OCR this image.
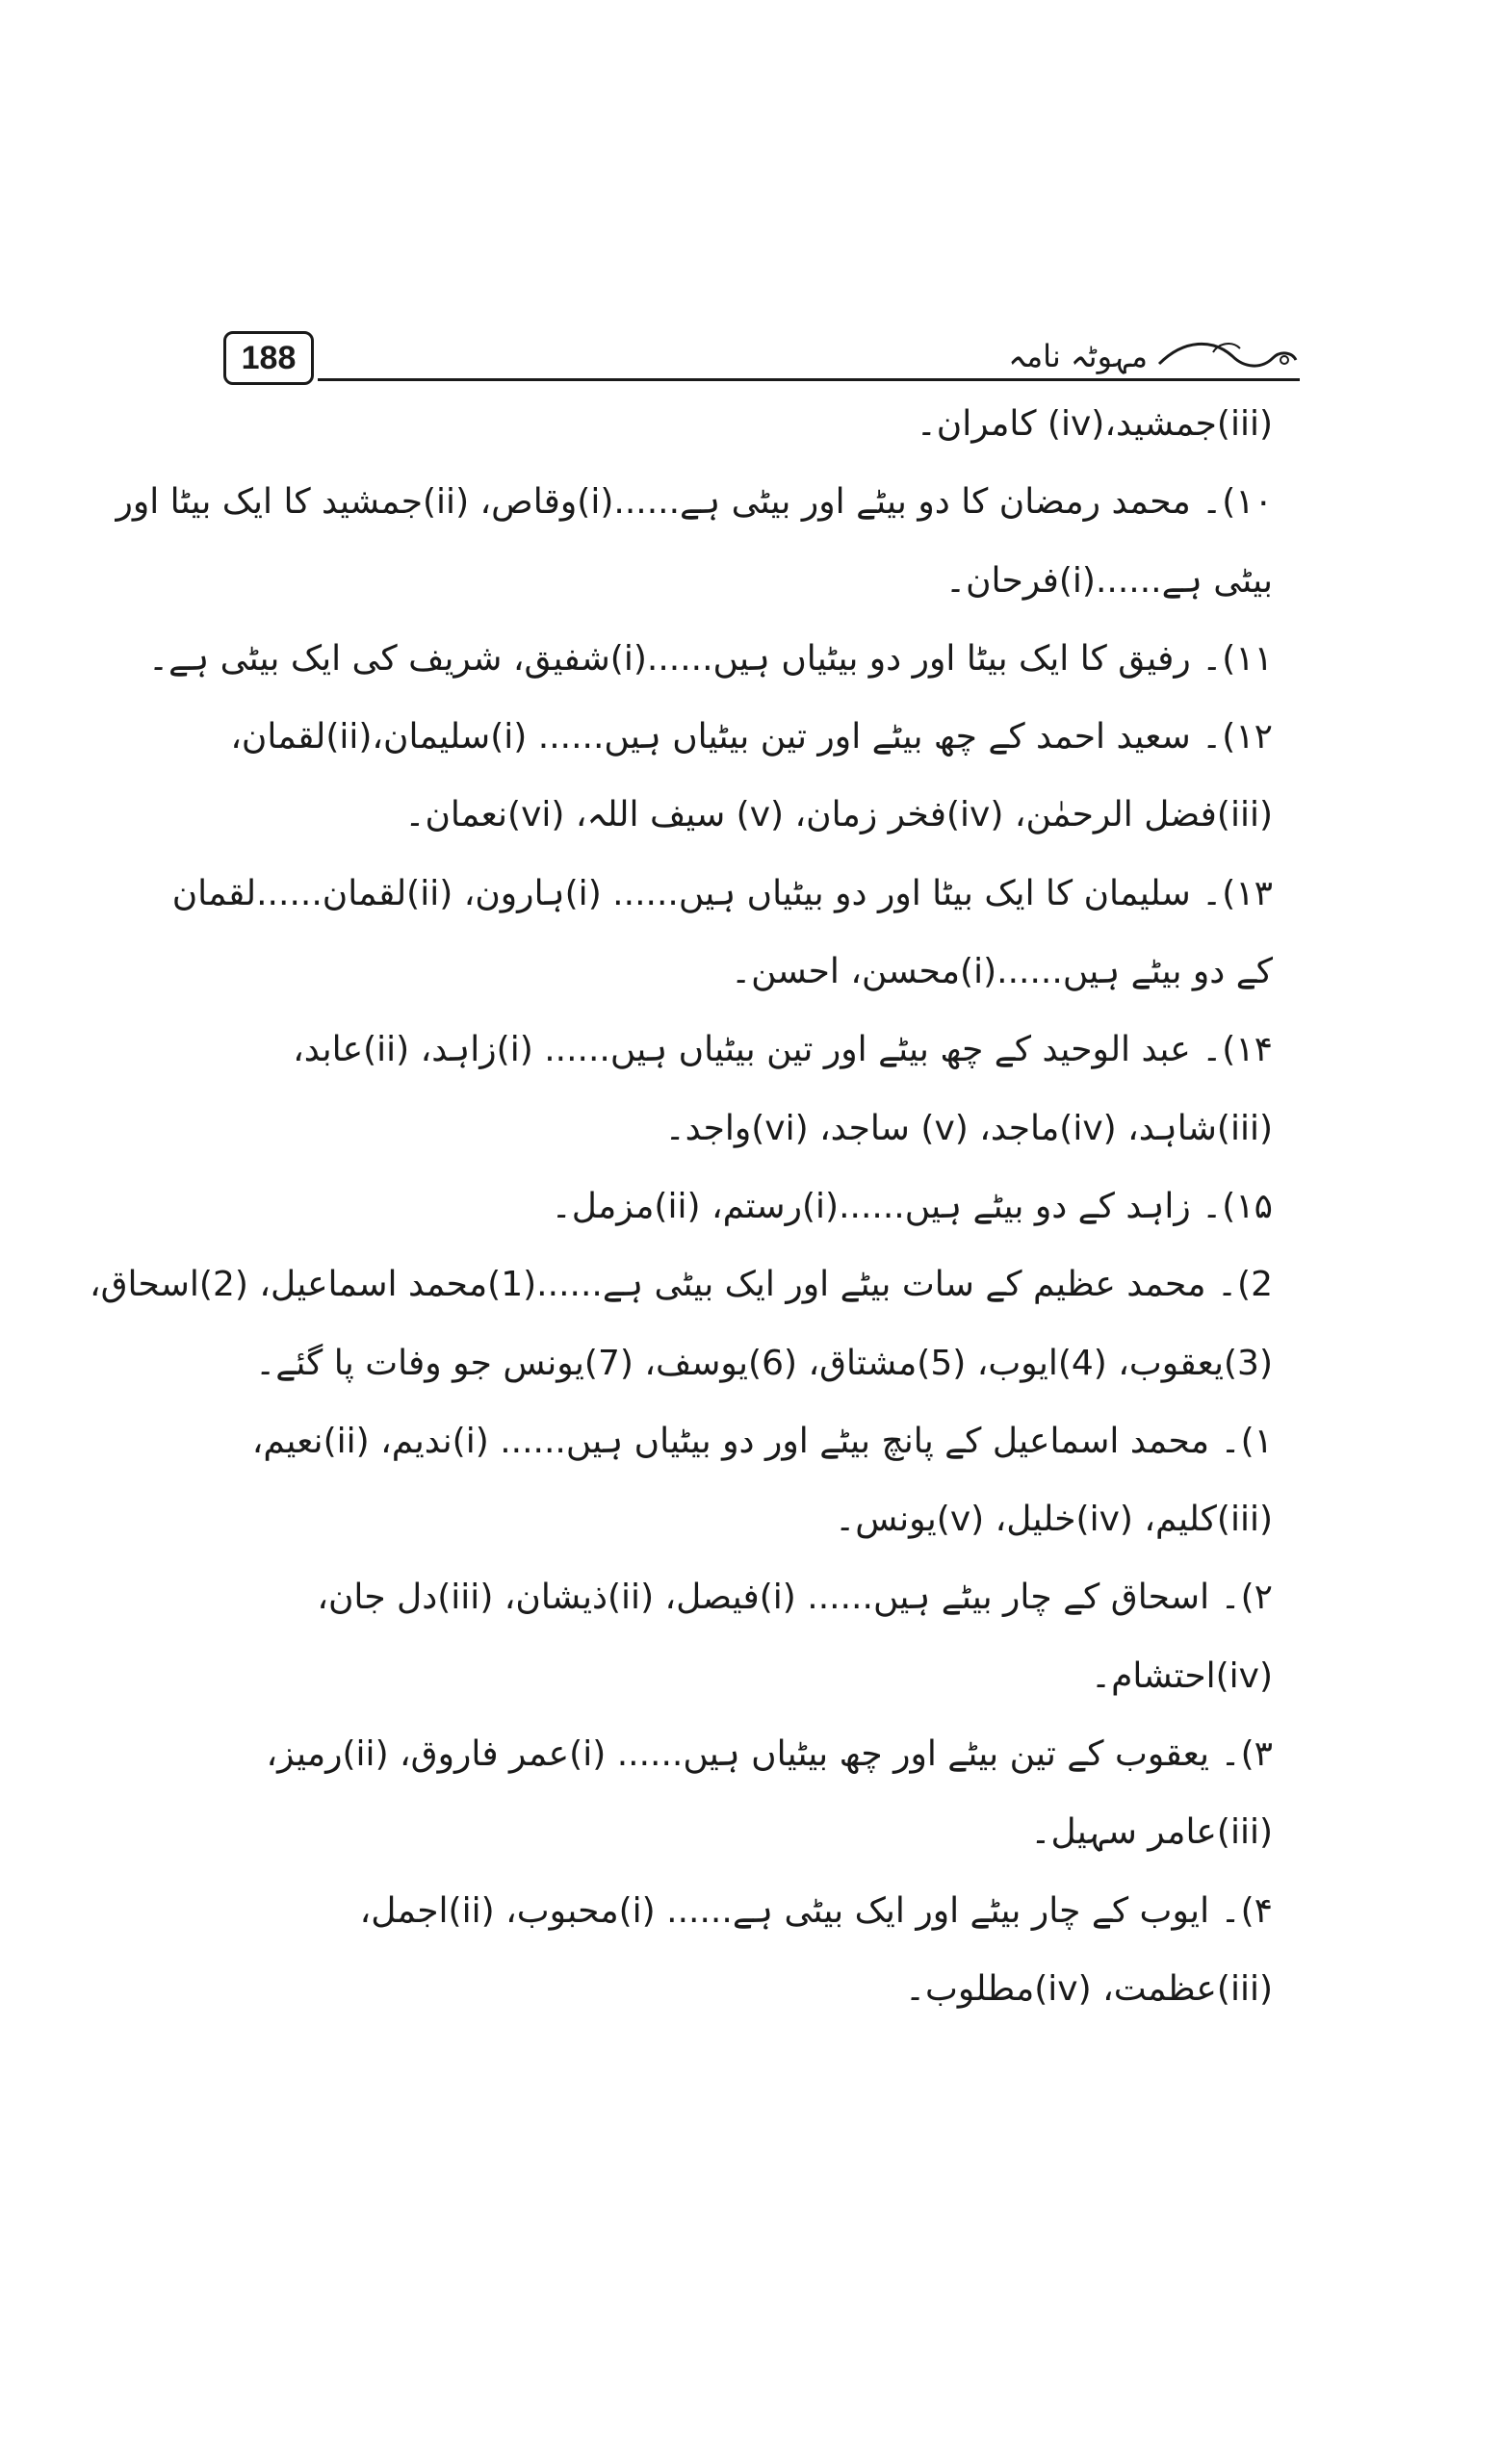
188	مہوٹہ نامہ
(iii)جمشید،(iv) کامران۔
۱۰)۔ محمد رمضان کا دو بیٹے اور بیٹی ہے......(i)وقاص، (ii)جمشید کا ایک بیٹا اور
بیٹی ہے......(i)فرحان۔
۱۱)۔ رفیق کا ایک بیٹا اور دو بیٹیاں ہیں......(i)شفیق، شریف کی ایک بیٹی ہے۔
۱۲)۔ سعید احمد کے چھ بیٹے اور تین بیٹیاں ہیں...... (i)سلیمان،(ii)لقمان،
(iii)فضل الرحمٰن، (iv)فخر زمان، (v) سیف اللہ، (vi)نعمان۔
۱۳)۔ سلیمان کا ایک بیٹا اور دو بیٹیاں ہیں...... (i)ہارون، (ii)لقمان......لقمان
کے دو بیٹے ہیں......(i)محسن، احسن۔
۱۴)۔ عبد الوحید کے چھ بیٹے اور تین بیٹیاں ہیں...... (i)زاہد، (ii)عابد،
(iii)شاہد، (iv)ماجد، (v) ساجد، (vi)واجد۔
۱۵)۔ زاہد کے دو بیٹے ہیں......(i)رستم، (ii)مزمل۔
2)۔ محمد عظیم کے سات بیٹے اور ایک بیٹی ہے......(1)محمد اسماعیل، (2)اسحاق،
(3)یعقوب، (4)ایوب، (5)مشتاق، (6)یوسف، (7)یونس جو وفات پا گئے۔
۱)۔ محمد اسماعیل کے پانچ بیٹے اور دو بیٹیاں ہیں...... (i)ندیم، (ii)نعیم،
(iii)کلیم، (iv)خلیل، (v)یونس۔
۲)۔ اسحاق کے چار بیٹے ہیں...... (i)فیصل، (ii)ذیشان، (iii)دل جان،
(iv)احتشام۔
۳)۔ یعقوب کے تین بیٹے اور چھ بیٹیاں ہیں...... (i)عمر فاروق، (ii)رمیز،
(iii)عامر سہیل۔
۴)۔ ایوب کے چار بیٹے اور ایک بیٹی ہے...... (i)محبوب، (ii)اجمل،
(iii)عظمت، (iv)مطلوب۔
